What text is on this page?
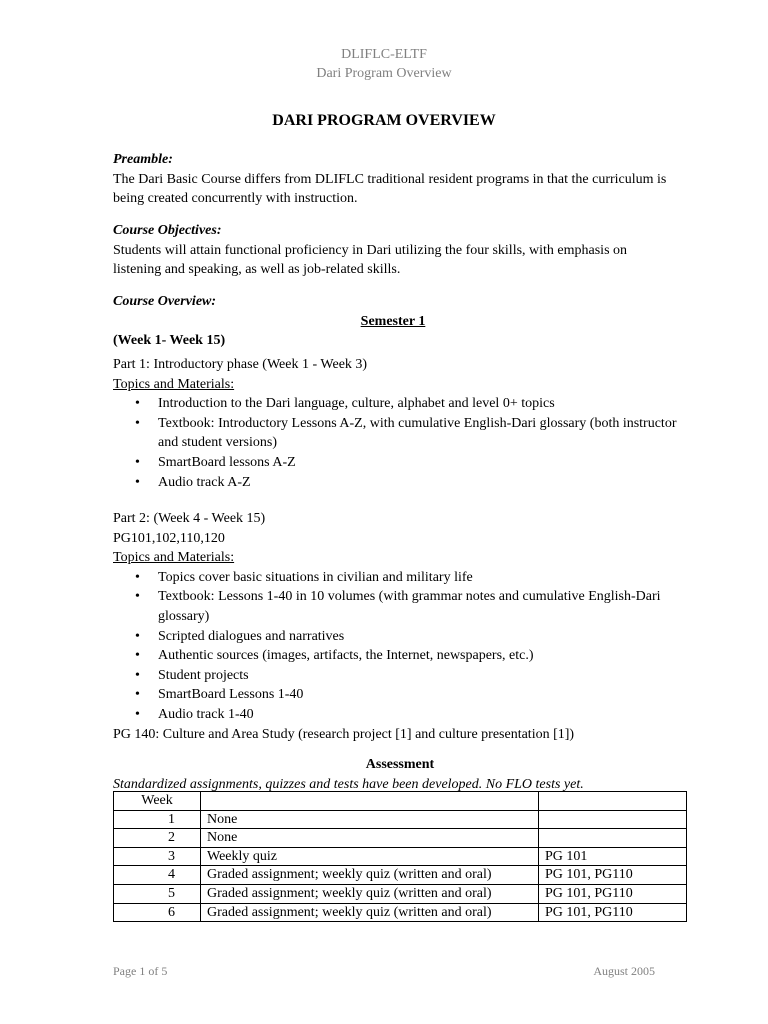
DLIFLC-ELTF
Dari Program Overview
DARI PROGRAM OVERVIEW
Preamble:
The Dari Basic Course differs from DLIFLC traditional resident programs in that the curriculum is being created concurrently with instruction.
Course Objectives:
Students will attain functional proficiency in Dari utilizing the four skills, with emphasis on listening and speaking, as well as job-related skills.
Course Overview:
Semester 1
(Week 1- Week 15)
Part 1: Introductory phase (Week 1 - Week 3)
Topics and Materials:
• Introduction to the Dari language, culture, alphabet and level 0+ topics
• Textbook: Introductory Lessons A-Z, with cumulative English-Dari glossary (both instructor and student versions)
• SmartBoard lessons A-Z
• Audio track A-Z
Part 2: (Week 4 - Week 15)
PG101,102,110,120
Topics and Materials:
• Topics cover basic situations in civilian and military life
• Textbook: Lessons 1-40 in 10 volumes (with grammar notes and cumulative English-Dari glossary)
• Scripted dialogues and narratives
• Authentic sources (images, artifacts, the Internet, newspapers, etc.)
• Student projects
• SmartBoard Lessons 1-40
• Audio track 1-40
PG 140: Culture and Area Study (research project [1] and culture presentation [1])
Assessment
Standardized assignments, quizzes and tests have been developed. No FLO tests yet.
Week		
1	None	
2	None	
3	Weekly quiz	PG 101
4	Graded assignment; weekly quiz (written and oral)	PG 101, PG110
5	Graded assignment; weekly quiz (written and oral)	PG 101, PG110
6	Graded assignment; weekly quiz (written and oral)	PG 101, PG110
Page 1 of 5	August 2005
